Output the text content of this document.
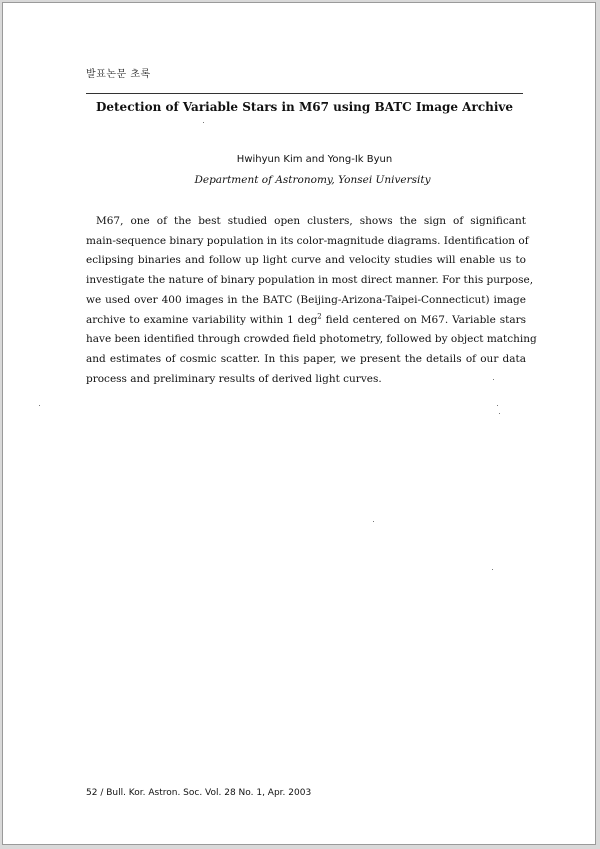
발표논문 초록
Detection of Variable Stars in M67 using BATC Image Archive
Hwihyun Kim and Yong-Ik Byun
Department of Astronomy, Yonsei University
M67, one of the best studied open clusters, shows the sign of significant
main-sequence binary population in its color-magnitude diagrams. Identification of
eclipsing binaries and follow up light curve and velocity studies will enable us to
investigate the nature of binary population in most direct manner. For this purpose,
we used over 400 images in the BATC (Beijing-Arizona-Taipei-Connecticut) image
archive to examine variability within 1 deg$^2$ field centered on M67. Variable stars
have been identified through crowded field photometry, followed by object matching
and estimates of cosmic scatter. In this paper, we present the details of our data
process and preliminary results of derived light curves.
52 / Bull. Kor. Astron. Soc. Vol. 28 No. 1, Apr. 2003
